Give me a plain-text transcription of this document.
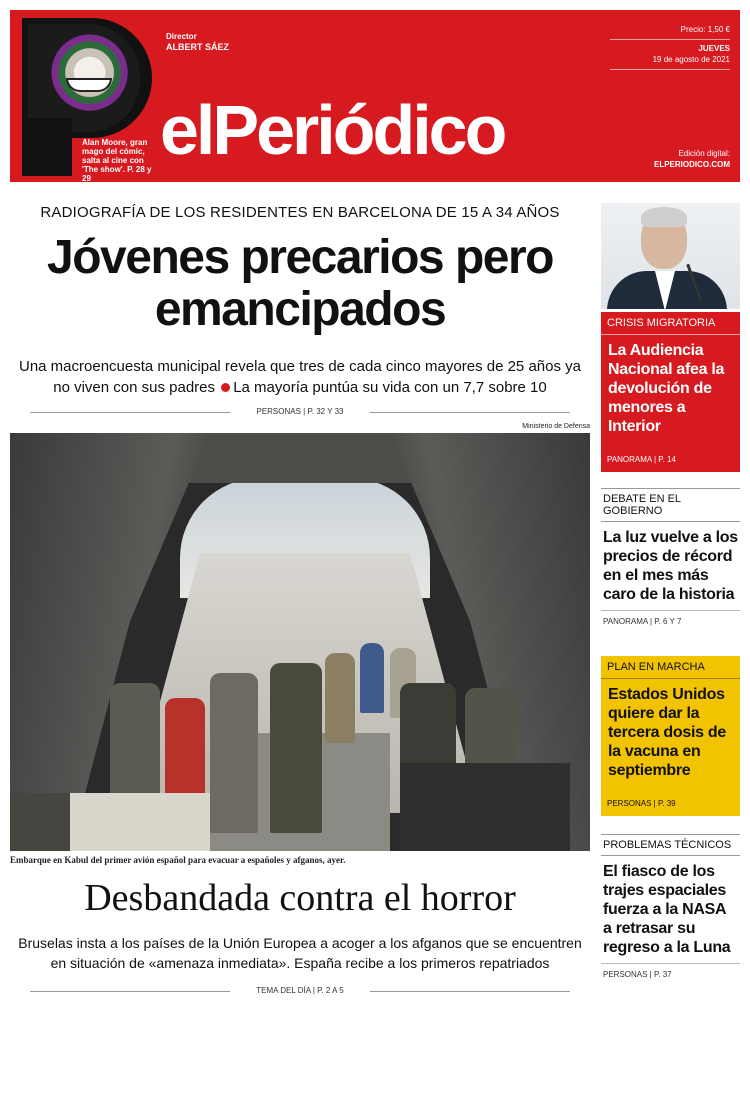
Alan Moore, gran mago del cómic, salta al cine con 'The show'. P. 28 y 29
Director
ALBERT SÁEZ
elPeriódico
Precio: 1,50 €
JUEVES
19 de agosto de 2021
Edición digital:
ELPERIODICO.COM
RADIOGRAFÍA DE LOS RESIDENTES EN BARCELONA DE 15 A 34 AÑOS
Jóvenes precarios pero emancipados
Una macroencuesta municipal revela que tres de cada cinco mayores de 25 años ya no viven con sus padres La mayoría puntúa su vida con un 7,7 sobre 10
PERSONAS | P. 32 Y 33
Ministerio de Defensa
Embarque en Kabul del primer avión español para evacuar a españoles y afganos, ayer.
Desbandada contra el horror
Bruselas insta a los países de la Unión Europea a acoger a los afganos que se encuentren en situación de «amenaza inmediata». España recibe a los primeros repatriados
TEMA DEL DÍA | P. 2 A 5
CRISIS MIGRATORIA
La Audiencia Nacional afea la devolución de menores a Interior
PANORAMA | P. 14
DEBATE EN EL GOBIERNO
La luz vuelve a los precios de récord en el mes más caro de la historia
PANORAMA | P. 6 Y 7
PLAN EN MARCHA
Estados Unidos quiere dar la tercera dosis de la vacuna en septiembre
PERSONAS | P. 39
PROBLEMAS TÉCNICOS
El fiasco de los trajes espaciales fuerza a la NASA a retrasar su regreso a la Luna
PERSONAS | P. 37
